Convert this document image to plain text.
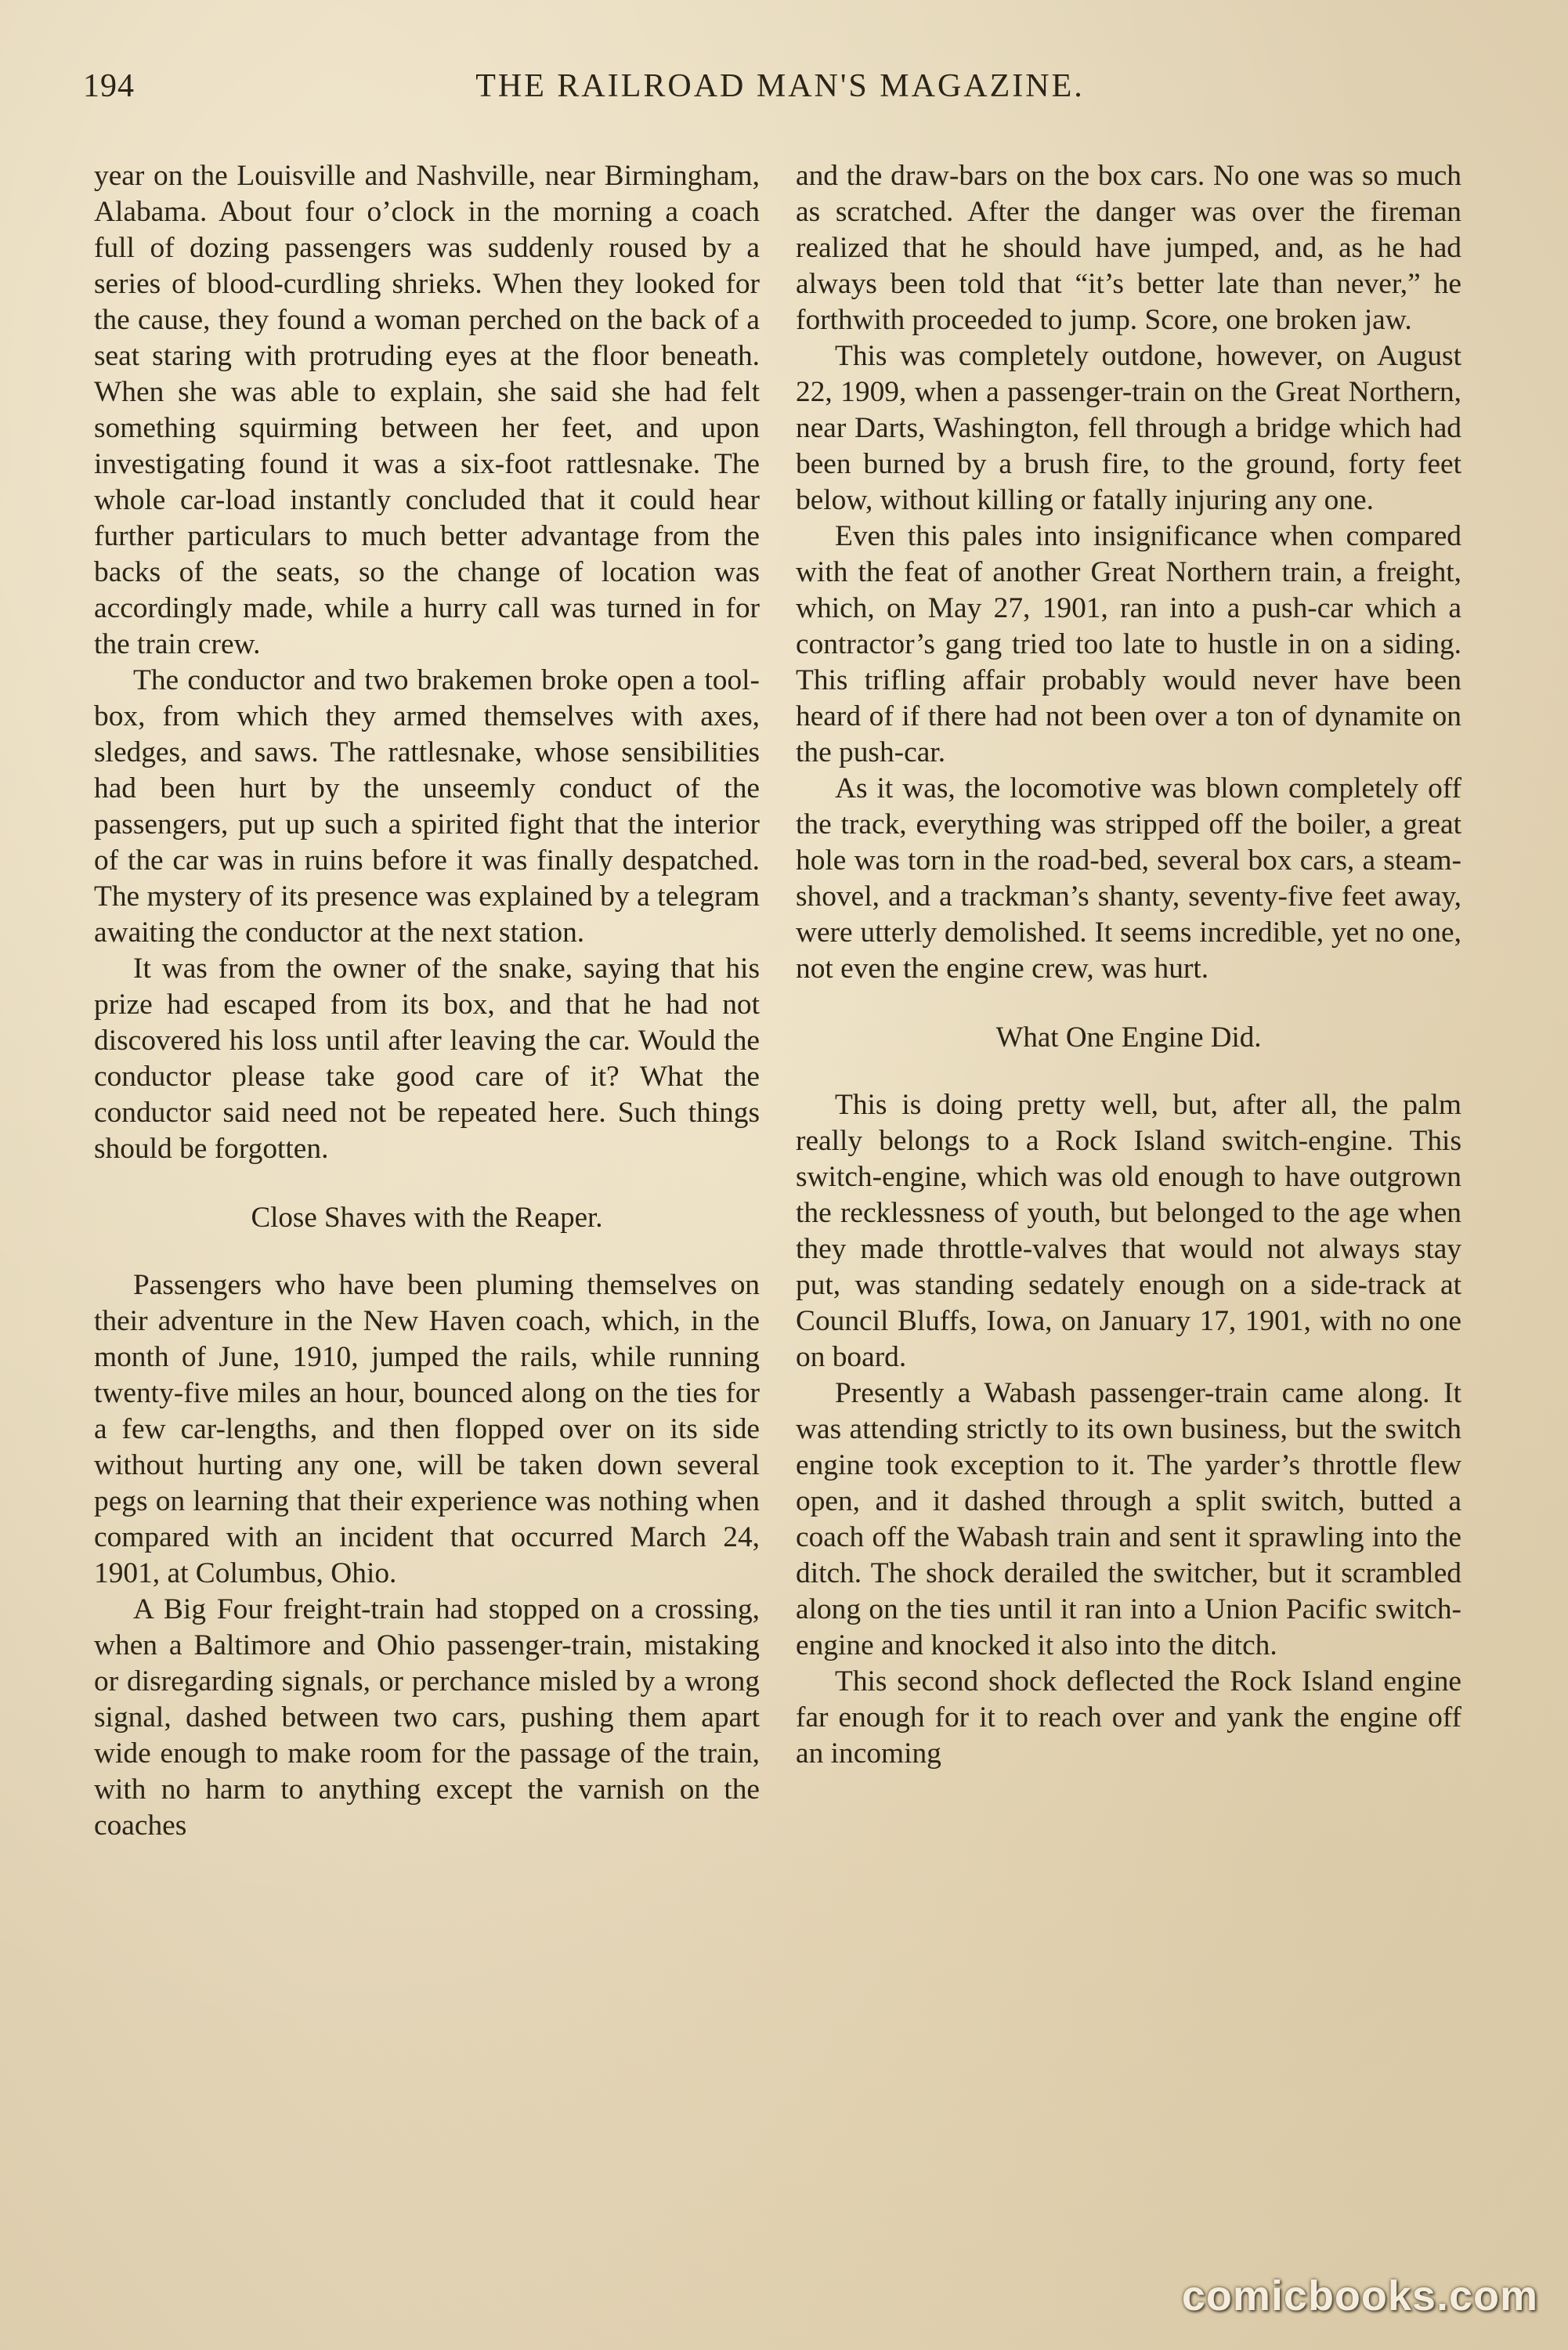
194	THE RAILROAD MAN'S MAGAZINE.

year on the Louisville and Nashville, near Birmingham, Alabama. About four o’clock in the morning a coach full of dozing passengers was suddenly roused by a series of blood-curdling shrieks. When they looked for the cause, they found a woman perched on the back of a seat staring with protruding eyes at the floor beneath. When she was able to explain, she said she had felt something squirming between her feet, and upon investigating found it was a six-foot rattlesnake. The whole car-load instantly concluded that it could hear further particulars to much better advantage from the backs of the seats, so the change of location was accordingly made, while a hurry call was turned in for the train crew.

The conductor and two brakemen broke open a tool-box, from which they armed themselves with axes, sledges, and saws. The rattlesnake, whose sensibilities had been hurt by the unseemly conduct of the passengers, put up such a spirited fight that the interior of the car was in ruins before it was finally despatched. The mystery of its presence was explained by a telegram awaiting the conductor at the next station.

It was from the owner of the snake, saying that his prize had escaped from its box, and that he had not discovered his loss until after leaving the car. Would the conductor please take good care of it? What the conductor said need not be repeated here. Such things should be forgotten.

Close Shaves with the Reaper.

Passengers who have been pluming themselves on their adventure in the New Haven coach, which, in the month of June, 1910, jumped the rails, while running twenty-five miles an hour, bounced along on the ties for a few car-lengths, and then flopped over on its side without hurting any one, will be taken down several pegs on learning that their experience was nothing when compared with an incident that occurred March 24, 1901, at Columbus, Ohio.

A Big Four freight-train had stopped on a crossing, when a Baltimore and Ohio passenger-train, mistaking or disregarding signals, or perchance misled by a wrong signal, dashed between two cars, pushing them apart wide enough to make room for the passage of the train, with no harm to anything except the varnish on the coaches

and the draw-bars on the box cars. No one was so much as scratched. After the danger was over the fireman realized that he should have jumped, and, as he had always been told that “it’s better late than never,” he forthwith proceeded to jump. Score, one broken jaw.

This was completely outdone, however, on August 22, 1909, when a passenger-train on the Great Northern, near Darts, Washington, fell through a bridge which had been burned by a brush fire, to the ground, forty feet below, without killing or fatally injuring any one.

Even this pales into insignificance when compared with the feat of another Great Northern train, a freight, which, on May 27, 1901, ran into a push-car which a contractor’s gang tried too late to hustle in on a siding. This trifling affair probably would never have been heard of if there had not been over a ton of dynamite on the push-car.

As it was, the locomotive was blown completely off the track, everything was stripped off the boiler, a great hole was torn in the road-bed, several box cars, a steam-shovel, and a trackman’s shanty, seventy-five feet away, were utterly demolished. It seems incredible, yet no one, not even the engine crew, was hurt.

What One Engine Did.

This is doing pretty well, but, after all, the palm really belongs to a Rock Island switch-engine. This switch-engine, which was old enough to have outgrown the recklessness of youth, but belonged to the age when they made throttle-valves that would not always stay put, was standing sedately enough on a side-track at Council Bluffs, Iowa, on January 17, 1901, with no one on board.

Presently a Wabash passenger-train came along. It was attending strictly to its own business, but the switch engine took exception to it. The yarder’s throttle flew open, and it dashed through a split switch, butted a coach off the Wabash train and sent it sprawling into the ditch. The shock derailed the switcher, but it scrambled along on the ties until it ran into a Union Pacific switch-engine and knocked it also into the ditch.

This second shock deflected the Rock Island engine far enough for it to reach over and yank the engine off an incoming

comicbooks.com
